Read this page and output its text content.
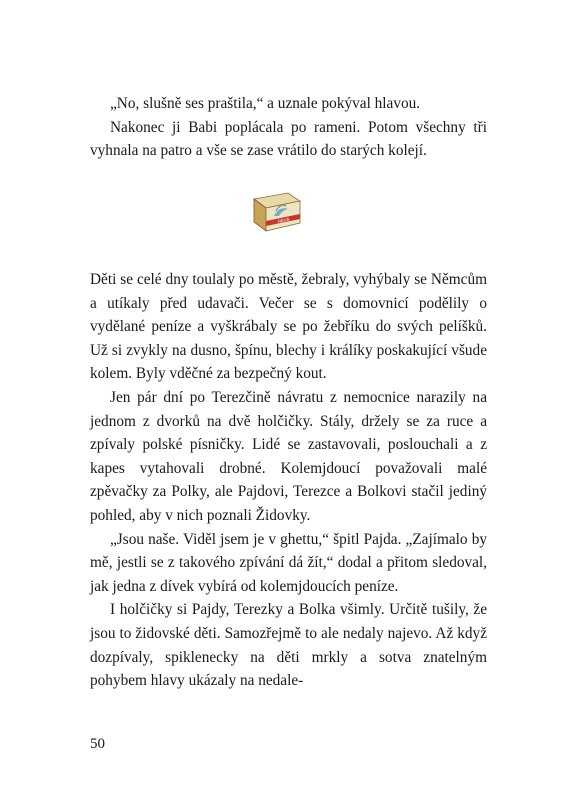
„No, slušně ses praštila,“ a uznale pokýval hlavou.

Nakonec ji Babi poplácala po rameni. Potom všechny tři vyhnala na patro a vše se zase vrátilo do starých kolejí.

NEVA

Děti se celé dny toulaly po městě, žebraly, vyhýbaly se Němcům a utíkaly před udavači. Večer se s domovnicí podělily o vydělané peníze a vyškrábaly se po žebříku do svých pelíšků. Už si zvykly na dusno, špínu, blechy i králíky poskakující všude kolem. Byly vděčné za bezpečný kout.

Jen pár dní po Terezčině návratu z nemocnice narazily na jednom z dvorků na dvě holčičky. Stály, držely se za ruce a zpívaly polské písničky. Lidé se zastavovali, poslouchali a z kapes vytahovali drobné. Kolemjdoucí považovali malé zpěvačky za Polky, ale Pajdovi, Terezce a Bolkovi stačil jediný pohled, aby v nich poznali Židovky.

„Jsou naše. Viděl jsem je v ghettu,“ špitl Pajda. „Zajímalo by mě, jestli se z takového zpívání dá žít,“ dodal a přitom sledoval, jak jedna z dívek vybírá od kolemjdoucích peníze.

I holčičky si Pajdy, Terezky a Bolka všimly. Určitě tušily, že jsou to židovské děti. Samozřejmě to ale nedaly najevo. Až když dozpívaly, spiklenecky na děti mrkly a sotva znatelným pohybem hlavy ukázaly na nedale-

50
